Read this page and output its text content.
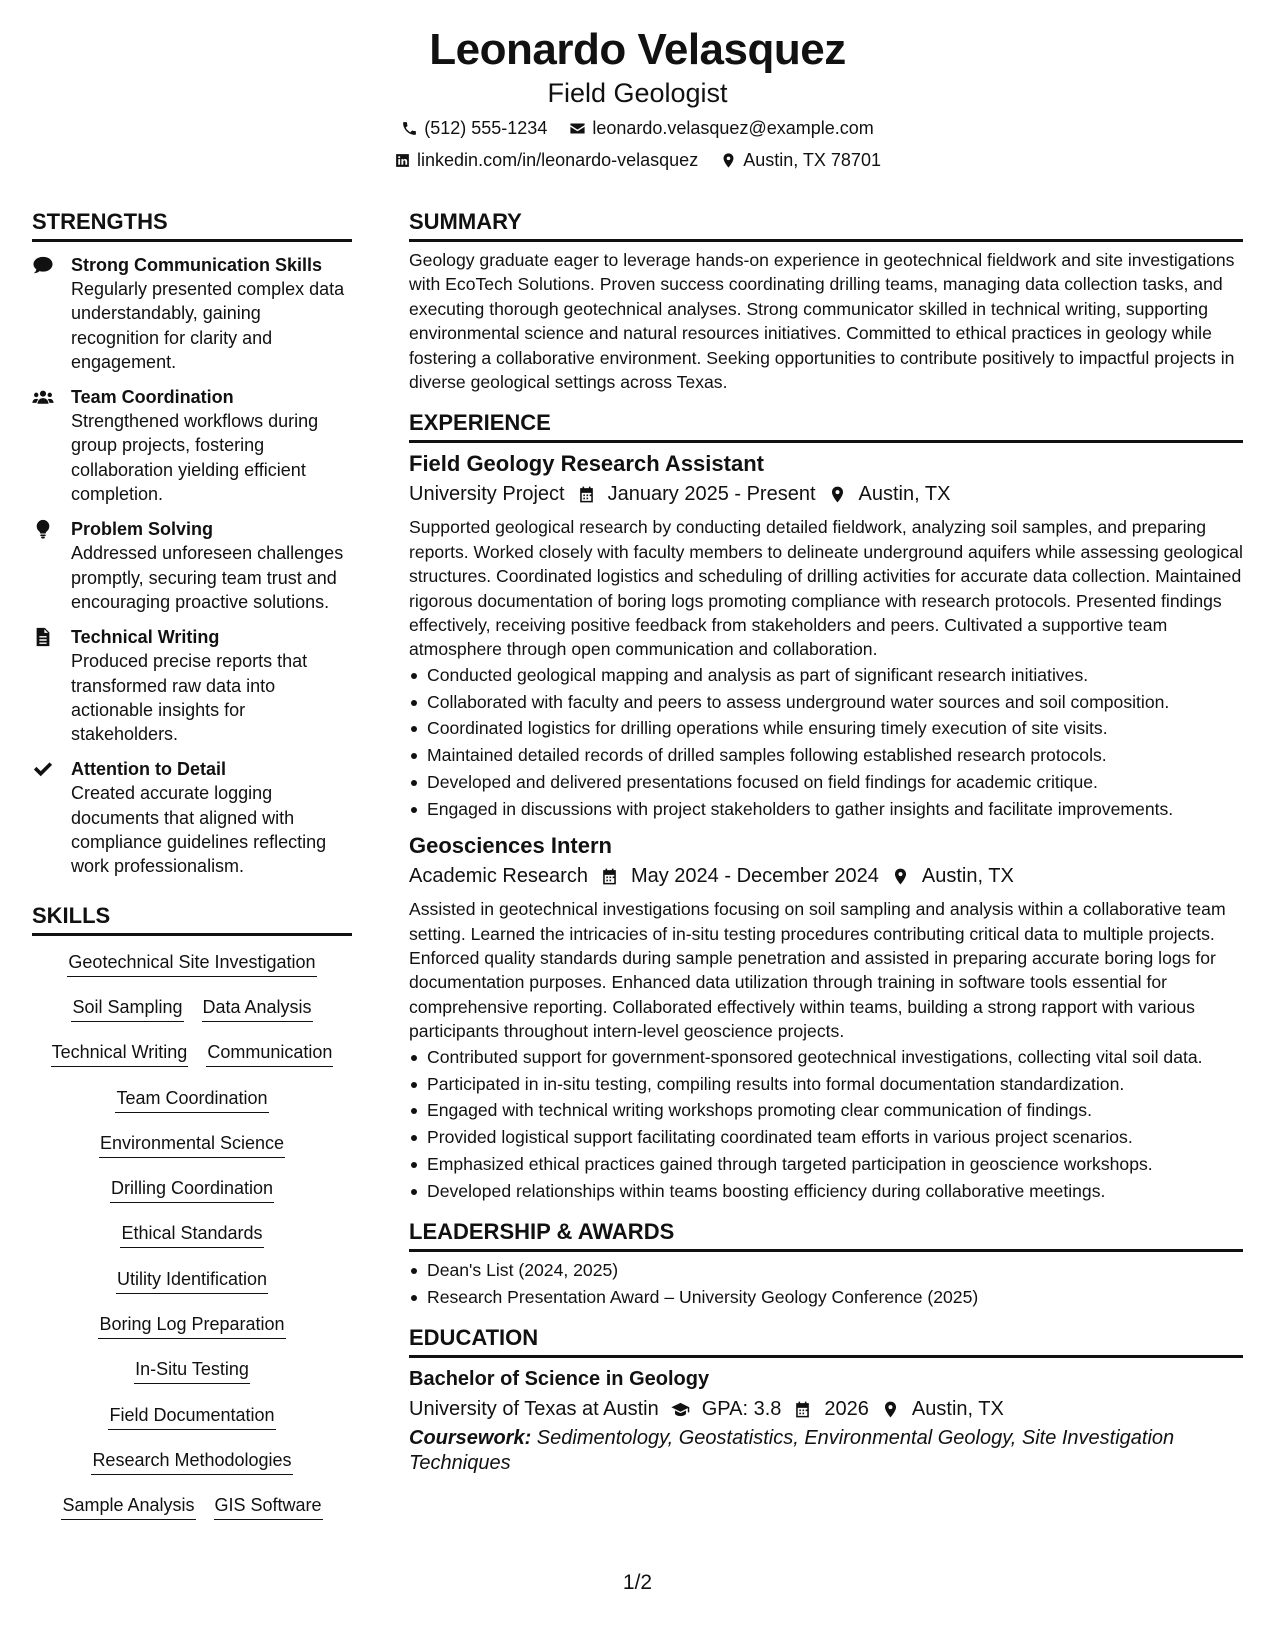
Leonardo Velasquez
Field Geologist
(512) 555-1234	leonardo.velasquez@example.com
linkedin.com/in/leonardo-velasquez	Austin, TX 78701
STRENGTHS
Strong Communication Skills
Regularly presented complex data understandably, gaining recognition for clarity and engagement.
Team Coordination
Strengthened workflows during group projects, fostering collaboration yielding efficient completion.
Problem Solving
Addressed unforeseen challenges promptly, securing team trust and encouraging proactive solutions.
Technical Writing
Produced precise reports that transformed raw data into actionable insights for stakeholders.
Attention to Detail
Created accurate logging documents that aligned with compliance guidelines reflecting work professionalism.
SKILLS
Geotechnical Site Investigation
Soil Sampling Data Analysis
Technical Writing Communication
Team Coordination
Environmental Science
Drilling Coordination
Ethical Standards
Utility Identification
Boring Log Preparation
In-Situ Testing
Field Documentation
Research Methodologies
Sample Analysis GIS Software
SUMMARY
Geology graduate eager to leverage hands-on experience in geotechnical fieldwork and site investigations with EcoTech Solutions. Proven success coordinating drilling teams, managing data collection tasks, and executing thorough geotechnical analyses. Strong communicator skilled in technical writing, supporting environmental science and natural resources initiatives. Committed to ethical practices in geology while fostering a collaborative environment. Seeking opportunities to contribute positively to impactful projects in diverse geological settings across Texas.
EXPERIENCE
Field Geology Research Assistant
University Project January 2025 - Present Austin, TX
Supported geological research by conducting detailed fieldwork, analyzing soil samples, and preparing reports. Worked closely with faculty members to delineate underground aquifers while assessing geological structures. Coordinated logistics and scheduling of drilling activities for accurate data collection. Maintained rigorous documentation of boring logs promoting compliance with research protocols. Presented findings effectively, receiving positive feedback from stakeholders and peers. Cultivated a supportive team atmosphere through open communication and collaboration.
Conducted geological mapping and analysis as part of significant research initiatives.
Collaborated with faculty and peers to assess underground water sources and soil composition.
Coordinated logistics for drilling operations while ensuring timely execution of site visits.
Maintained detailed records of drilled samples following established research protocols.
Developed and delivered presentations focused on field findings for academic critique.
Engaged in discussions with project stakeholders to gather insights and facilitate improvements.
Geosciences Intern
Academic Research May 2024 - December 2024 Austin, TX
Assisted in geotechnical investigations focusing on soil sampling and analysis within a collaborative team setting. Learned the intricacies of in-situ testing procedures contributing critical data to multiple projects. Enforced quality standards during sample penetration and assisted in preparing accurate boring logs for documentation purposes. Enhanced data utilization through training in software tools essential for comprehensive reporting. Collaborated effectively within teams, building a strong rapport with various participants throughout intern-level geoscience projects.
Contributed support for government-sponsored geotechnical investigations, collecting vital soil data.
Participated in in-situ testing, compiling results into formal documentation standardization.
Engaged with technical writing workshops promoting clear communication of findings.
Provided logistical support facilitating coordinated team efforts in various project scenarios.
Emphasized ethical practices gained through targeted participation in geoscience workshops.
Developed relationships within teams boosting efficiency during collaborative meetings.
LEADERSHIP & AWARDS
Dean's List (2024, 2025)
Research Presentation Award – University Geology Conference (2025)
EDUCATION
Bachelor of Science in Geology
University of Texas at Austin GPA: 3.8 2026 Austin, TX
Coursework: Sedimentology, Geostatistics, Environmental Geology, Site Investigation Techniques
1/2
